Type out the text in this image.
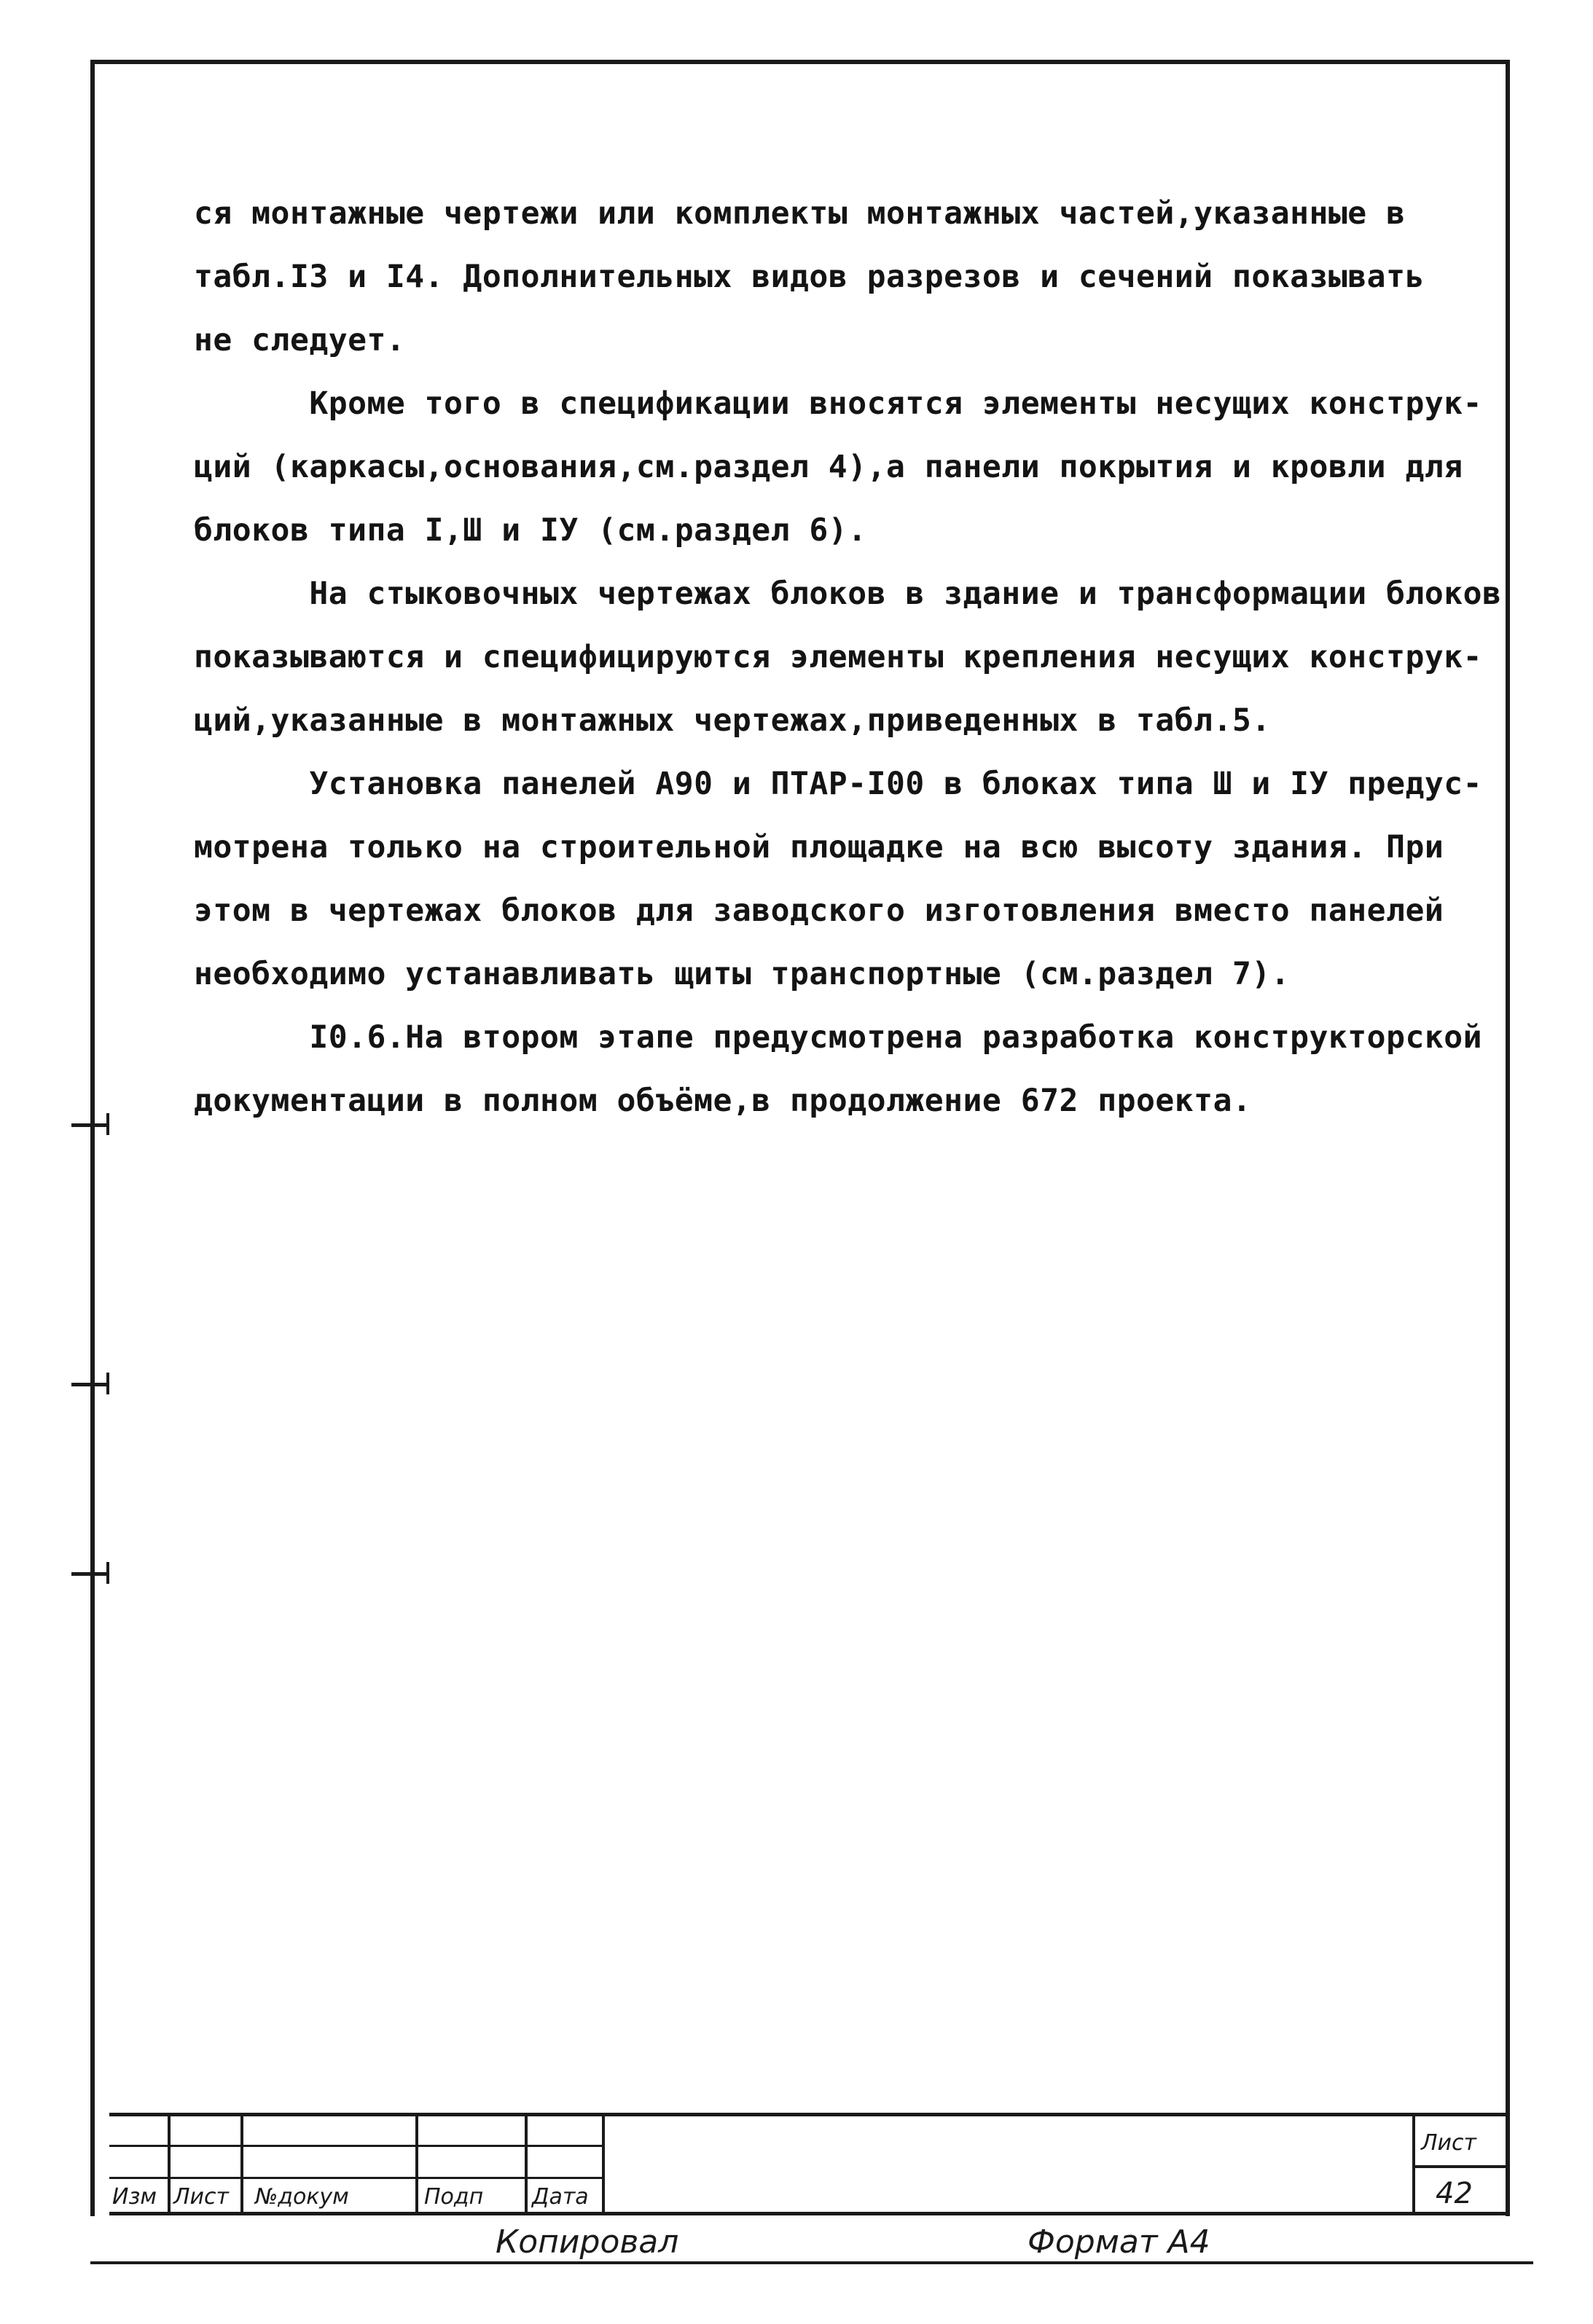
ся монтажные чертежи или комплекты монтажных частей,указанные в
табл.I3 и I4. Дополнительных видов разрезов и сечений показывать
не следует.
Кроме того в спецификации вносятся элементы несущих конструк-
ций (каркасы,основания,см.раздел 4),а панели покрытия и кровли для
блоков типа I,Ш и IУ (см.раздел 6).
На стыковочных чертежах блоков в здание и трансформации блоков
показываются и специфицируются элементы крепления несущих конструк-
ций,указанные в монтажных чертежах,приведенных в табл.5.
Установка панелей А90 и ПТАР-I00 в блоках типа Ш и IУ предус-
мотрена только на строительной площадке на всю высоту здания. При
этом в чертежах блоков для заводского изготовления вместо панелей
необходимо устанавливать щиты транспортные (см.раздел 7).
I0.6.На втором этапе предусмотрена разработка конструкторской
документации в полном объёме,в продолжение 672 проекта.
Изм Лист №докум	Подп Дата
Лист
42
Копировал	Формат А4
